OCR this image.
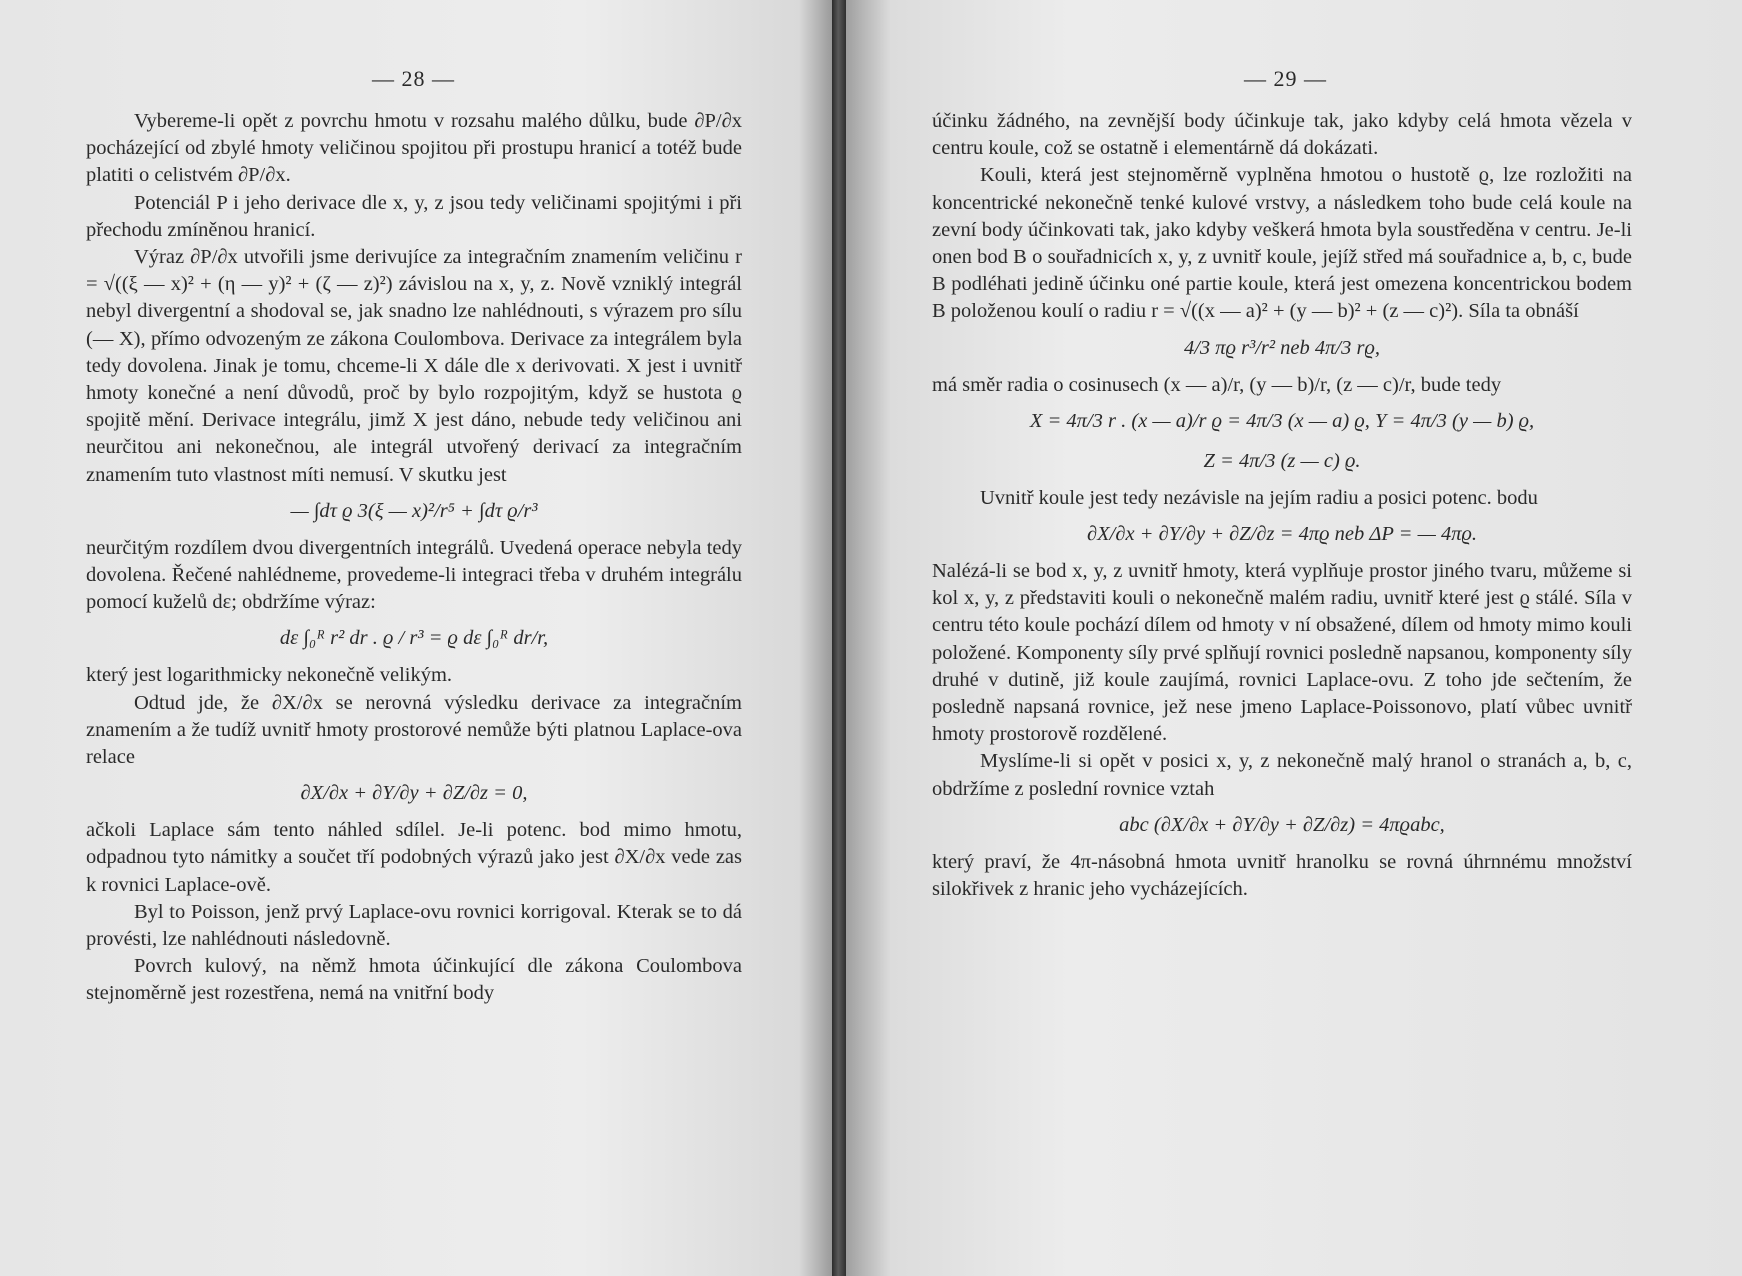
— 28 —

Vybereme-li opět z povrchu hmotu v rozsahu malého důlku, bude ∂P/∂x pocházející od zbylé hmoty veličinou spojitou při prostupu hranicí a totéž bude platiti o celistvém ∂P/∂x.

Potenciál P i jeho derivace dle x, y, z jsou tedy veličinami spojitými i při přechodu zmíněnou hranicí.

Výraz ∂P/∂x utvořili jsme derivujíce za integračním znamením veličinu r = √((ξ — x)² + (η — y)² + (ζ — z)²) závislou na x, y, z. Nově vzniklý integrál nebyl divergentní a shodoval se, jak snadno lze nahlédnouti, s výrazem pro sílu (— X), přímo odvozeným ze zákona Coulombova. Derivace za integrálem byla tedy dovolena. Jinak je tomu, chceme-li X dále dle x derivovati. X jest i uvnitř hmoty konečné a není důvodů, proč by bylo rozpojitým, když se hustota ϱ spojitě mění. Derivace integrálu, jimž X jest dáno, nebude tedy veličinou ani neurčitou ani nekonečnou, ale integrál utvořený derivací za integračním znamením tuto vlastnost míti nemusí. V skutku jest

— ∫dτ ϱ 3(ξ — x)²/r⁵ + ∫dτ ϱ/r³

neurčitým rozdílem dvou divergentních integrálů. Uvedená operace nebyla tedy dovolena. Řečené nahlédneme, provedeme-li integraci třeba v druhém integrálu pomocí kuželů dε; obdržíme výraz:

dε ∫₀ᴿ r² dr . ϱ / r³ = ϱ dε ∫₀ᴿ dr/r,

který jest logarithmicky nekonečně velikým.

Odtud jde, že ∂X/∂x se nerovná výsledku derivace za integračním znamením a že tudíž uvnitř hmoty prostorové nemůže býti platnou Laplace-ova relace

∂X/∂x + ∂Y/∂y + ∂Z/∂z = 0,

ačkoli Laplace sám tento náhled sdílel. Je-li potenc. bod mimo hmotu, odpadnou tyto námitky a součet tří podobných výrazů jako jest ∂X/∂x vede zas k rovnici Laplace-ově.

Byl to Poisson, jenž prvý Laplace-ovu rovnici korrigoval. Kterak se to dá provésti, lze nahlédnouti následovně.

Povrch kulový, na němž hmota účinkující dle zákona Coulombova stejnoměrně jest rozestřena, nemá na vnitřní body

— 29 —

účinku žádného, na zevnější body účinkuje tak, jako kdyby celá hmota vězela v centru koule, což se ostatně i elementárně dá dokázati.

Kouli, která jest stejnoměrně vyplněna hmotou o hustotě ϱ, lze rozložiti na koncentrické nekonečně tenké kulové vrstvy, a následkem toho bude celá koule na zevní body účinkovati tak, jako kdyby veškerá hmota byla soustředěna v centru. Je-li onen bod B o souřadnicích x, y, z uvnitř koule, jejíž střed má souřadnice a, b, c, bude B podléhati jedině účinku oné partie koule, která jest omezena koncentrickou bodem B položenou koulí o radiu r = √((x — a)² + (y — b)² + (z — c)²). Síla ta obnáší

4/3 πϱ r³/r² neb 4π/3 rϱ,

má směr radia o cosinusech (x — a)/r, (y — b)/r, (z — c)/r, bude tedy

X = 4π/3 r . (x — a)/r ϱ = 4π/3 (x — a) ϱ, Y = 4π/3 (y — b) ϱ,
Z = 4π/3 (z — c) ϱ.

Uvnitř koule jest tedy nezávisle na jejím radiu a posici potenc. bodu

∂X/∂x + ∂Y/∂y + ∂Z/∂z = 4πϱ neb ΔP = — 4πϱ.

Nalézá-li se bod x, y, z uvnitř hmoty, která vyplňuje prostor jiného tvaru, můžeme si kol x, y, z představiti kouli o nekonečně malém radiu, uvnitř které jest ϱ stálé. Síla v centru této koule pochází dílem od hmoty v ní obsažené, dílem od hmoty mimo kouli položené. Komponenty síly prvé splňují rovnici posledně napsanou, komponenty síly druhé v dutině, již koule zaujímá, rovnici Laplace-ovu. Z toho jde sečtením, že posledně napsaná rovnice, jež nese jmeno Laplace-Poissonovo, platí vůbec uvnitř hmoty prostorově rozdělené.

Myslíme-li si opět v posici x, y, z nekonečně malý hranol o stranách a, b, c, obdržíme z poslední rovnice vztah

abc (∂X/∂x + ∂Y/∂y + ∂Z/∂z) = 4πϱabc,

který praví, že 4π-násobná hmota uvnitř hranolku se rovná úhrnnému množství silokřivek z hranic jeho vycházejících.
